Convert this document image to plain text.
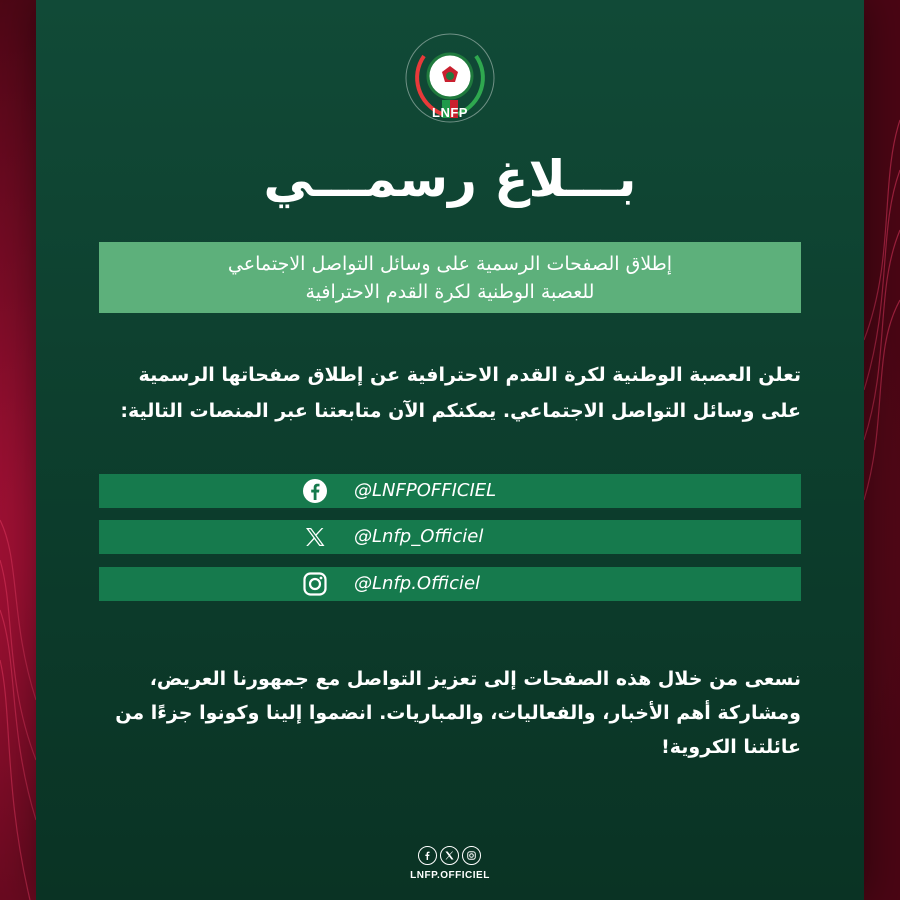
LNFP
بـــلاغ رسمـــي
إطلاق الصفحات الرسمية على وسائل التواصل الاجتماعي
للعصبة الوطنية لكرة القدم الاحترافية
تعلن العصبة الوطنية لكرة القدم الاحترافية عن إطلاق صفحاتها الرسمية على وسائل التواصل الاجتماعي. يمكنكم الآن متابعتنا عبر المنصات التالية:
@LNFPOFFICIEL
@Lnfp_Officiel
@Lnfp.Officiel
نسعى من خلال هذه الصفحات إلى تعزيز التواصل مع جمهورنا العريض، ومشاركة أهم الأخبار، والفعاليات، والمباريات. انضموا إلينا وكونوا جزءًا من عائلتنا الكروية!
LNFP.OFFICIEL
